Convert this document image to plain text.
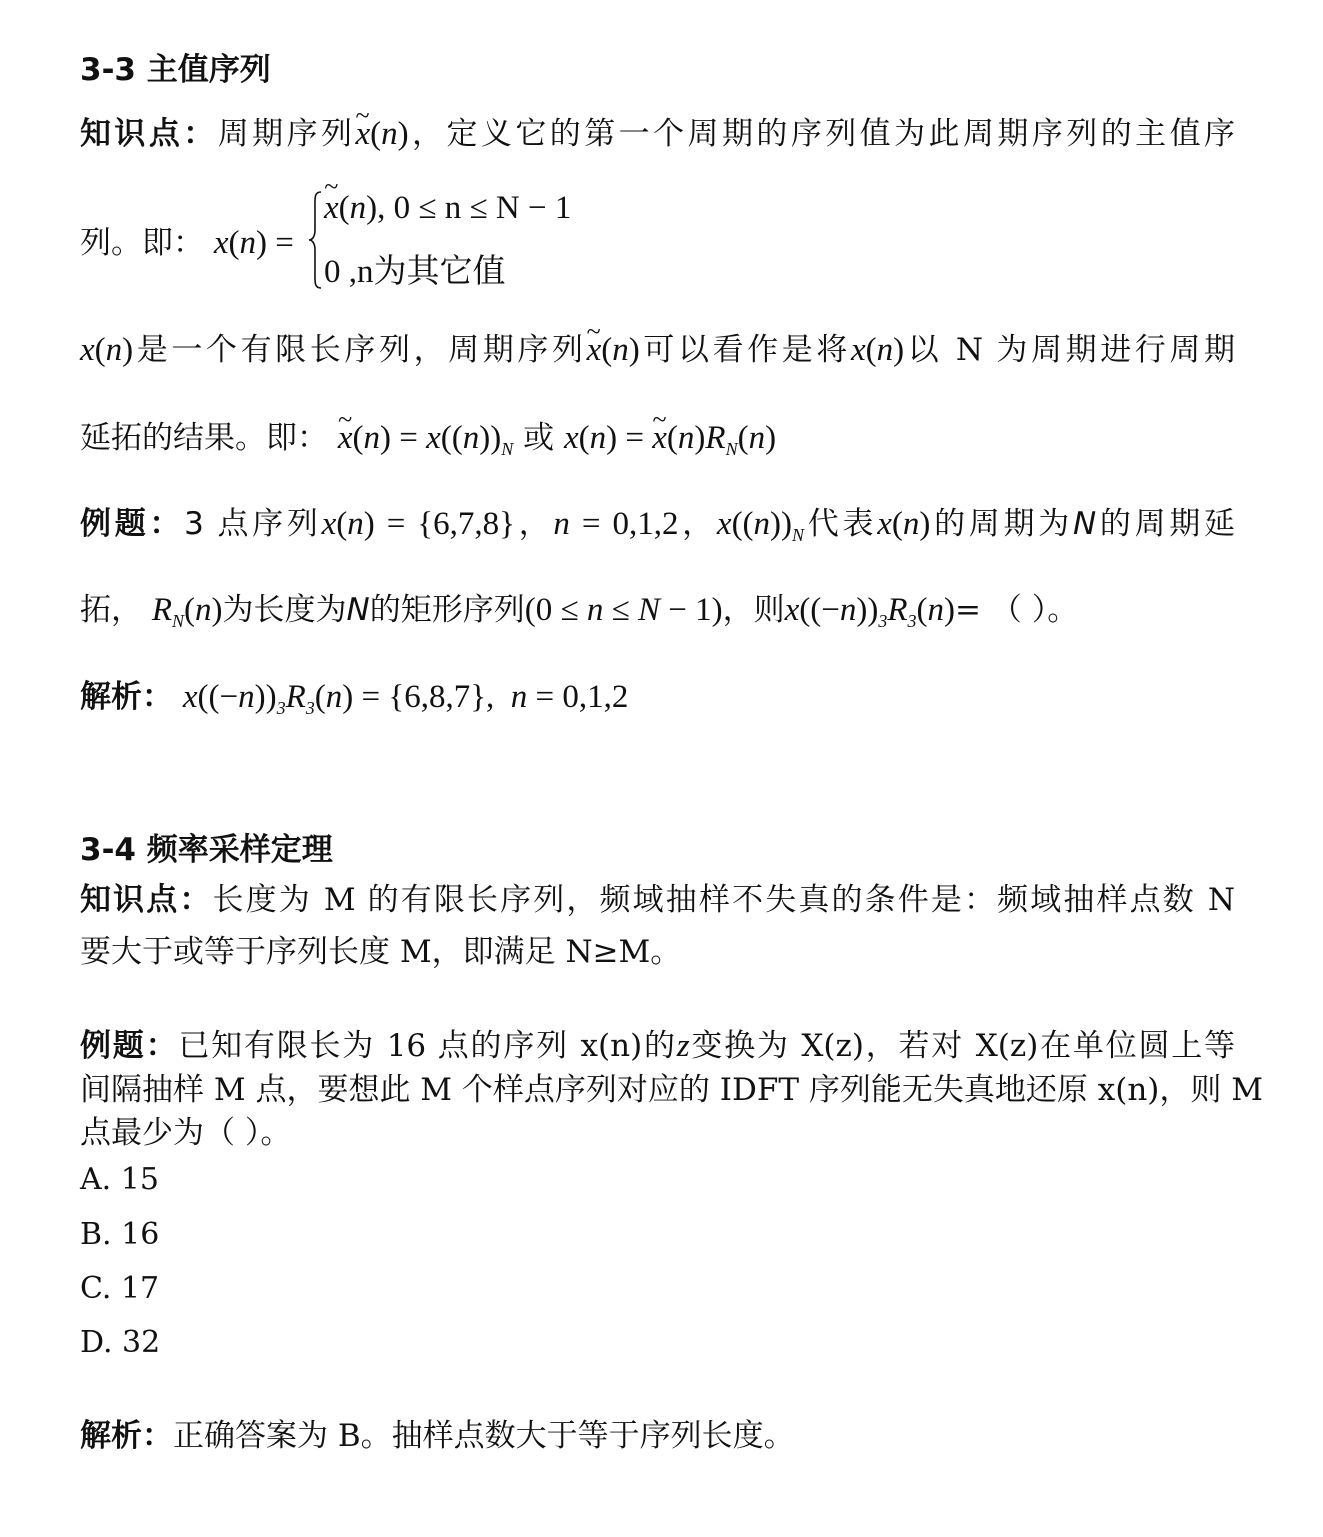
3-3 主值序列
知识点：周期序列~ x(n)，定义它的第一个周期的序列值为此周期序列的主值序
列。即： x(n) =
~ x(n), 0 ≤ n ≤ N − 1
0 ,n为其它值
x(n)是一个有限长序列，周期序列~ x(n)可以看作是将x(n)以 N 为周期进行周期
延拓的结果。即： ~ $x(n) = x((n))_N$ 或 x(n) = ~ $x(n)R_N(n)$
例题：3 点序列x(n) = {6,7,8}，n = 0,1,2，$x((n))_N$代表x(n)的周期为N的周期延
拓， $R_N(n)$为长度为N的矩形序列(0 ≤ n ≤ N − 1)，则$x((-n))_3R_3(n)=$ （ ）。
解析： $x((-n))_3R_3(n) = \{6,8,7\}$,  n = 0,1,2
3-4 频率采样定理
知识点：长度为 M 的有限长序列，频域抽样不失真的条件是：频域抽样点数 N
要大于或等于序列长度 M，即满足 N≥M。
例题：已知有限长为 16 点的序列 x(n)的z变换为 X(z)，若对 X(z)在单位圆上等
间隔抽样 M 点，要想此 M 个样点序列对应的 IDFT 序列能无失真地还原 x(n)，则 M
点最少为（ ）。
A. 15
B. 16
C. 17
D. 32
解析：正确答案为 B。抽样点数大于等于序列长度。
